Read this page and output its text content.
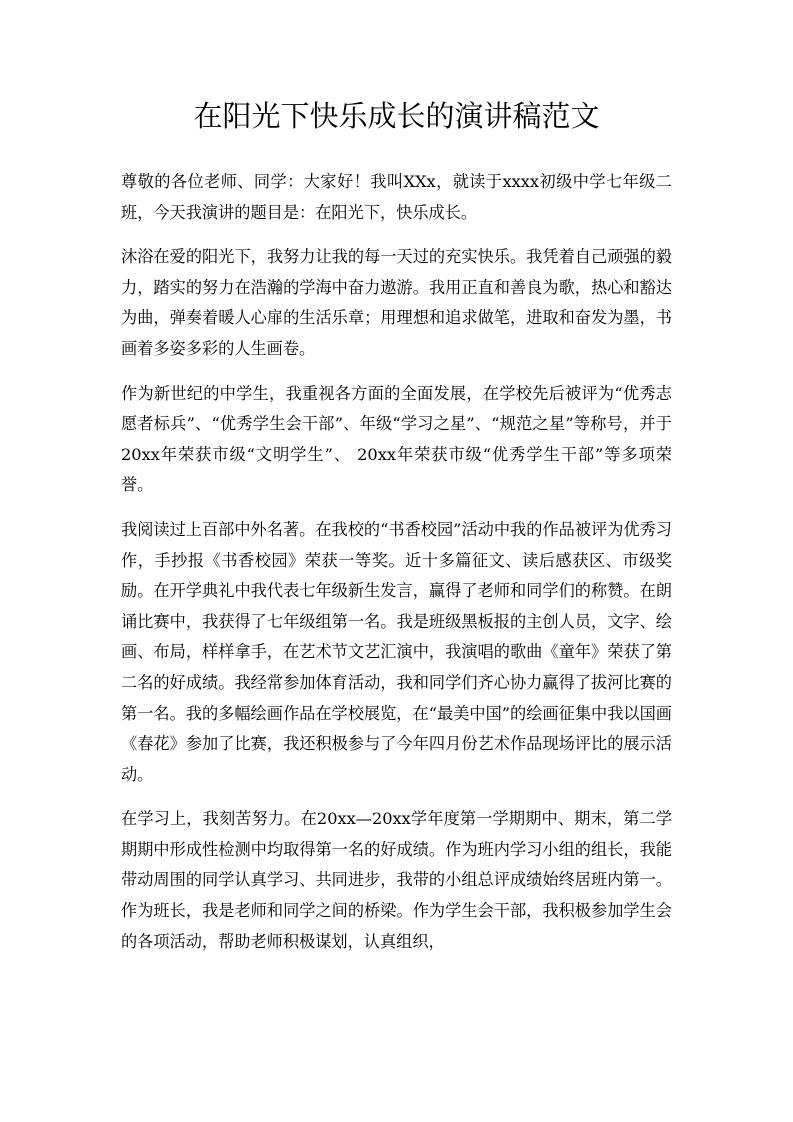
在阳光下快乐成长的演讲稿范文

尊敬的各位老师、同学：大家好！我叫XXx，就读于xxxx初级中学七年级二班，今天我演讲的题目是：在阳光下，快乐成长。

沐浴在爱的阳光下，我努力让我的每一天过的充实快乐。我凭着自己顽强的毅力，踏实的努力在浩瀚的学海中奋力遨游。我用正直和善良为歌，热心和豁达为曲，弹奏着暖人心扉的生活乐章；用理想和追求做笔，进取和奋发为墨，书画着多姿多彩的人生画卷。

作为新世纪的中学生，我重视各方面的全面发展，在学校先后被评为“优秀志愿者标兵”、“优秀学生会干部”、年级“学习之星”、“规范之星”等称号，并于20xx年荣获市级“文明学生”、 20xx年荣获市级“优秀学生干部”等多项荣誉。

我阅读过上百部中外名著。在我校的“书香校园”活动中我的作品被评为优秀习作，手抄报《书香校园》荣获一等奖。近十多篇征文、读后感获区、市级奖励。在开学典礼中我代表七年级新生发言，赢得了老师和同学们的称赞。在朗诵比赛中，我获得了七年级组第一名。我是班级黑板报的主创人员，文字、绘画、布局，样样拿手，在艺术节文艺汇演中，我演唱的歌曲《童年》荣获了第二名的好成绩。我经常参加体育活动，我和同学们齐心协力赢得了拔河比赛的第一名。我的多幅绘画作品在学校展览，在“最美中国”的绘画征集中我以国画《春花》参加了比赛，我还积极参与了今年四月份艺术作品现场评比的展示活动。

在学习上，我刻苦努力。在20xx—20xx学年度第一学期期中、期末，第二学期期中形成性检测中均取得第一名的好成绩。作为班内学习小组的组长，我能带动周围的同学认真学习、共同进步，我带的小组总评成绩始终居班内第一。 作为班长，我是老师和同学之间的桥梁。作为学生会干部，我积极参加学生会的各项活动，帮助老师积极谋划，认真组织，
